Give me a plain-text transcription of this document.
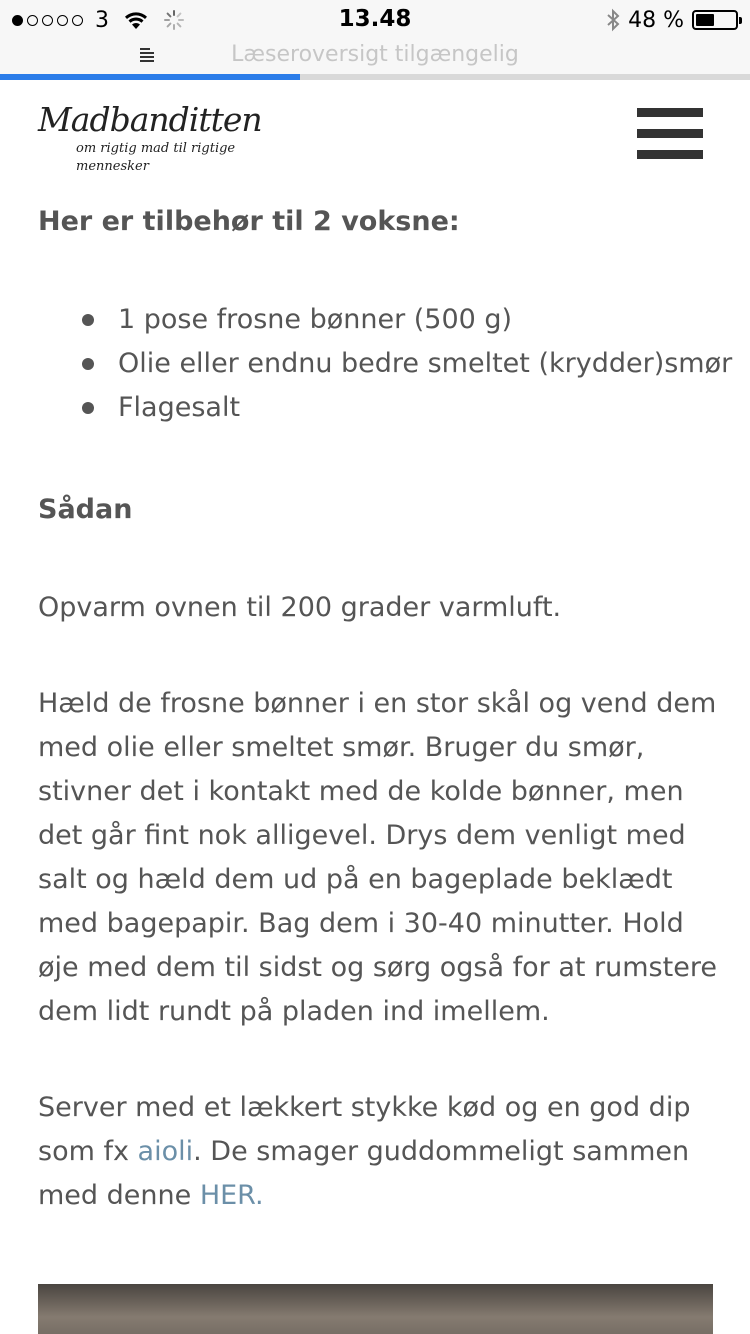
3	13.48	48 %
Læseroversigt tilgængelig
Madbanditten
om rigtig mad til rigtige mennesker
Her er tilbehør til 2 voksne:
1 pose frosne bønner (500 g)
Olie eller endnu bedre smeltet (krydder)smør
Flagesalt
Sådan

Opvarm ovnen til 200 grader varmluft.

Hæld de frosne bønner i en stor skål og vend dem med olie eller smeltet smør. Bruger du smør, stivner det i kontakt med de kolde bønner, men det går fint nok alligevel. Drys dem venligt med salt og hæld dem ud på en bageplade beklædt med bagepapir. Bag dem i 30-40 minutter. Hold øje med dem til sidst og sørg også for at rumstere dem lidt rundt på pladen ind imellem.

Server med et lækkert stykke kød og en god dip som fx aioli. De smager guddommeligt sammen med denne HER.
